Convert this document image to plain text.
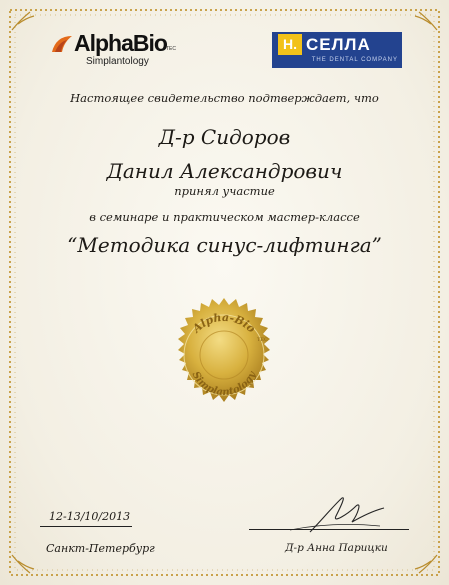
AlphaBio TEC
Simplantology
Н. СЕЛЛА
THE DENTAL COMPANY
Настоящее свидетельство подтверждает, что
Д-р Сидоров
Данил Александрович
принял участие
в семинаре и практическом мастер-классе
“Методика синус-лифтинга”
Alpha-Bio
TEC
Simplantology
12-13/10/2013
Санкт-Петербург	Д-р Анна Парицки
